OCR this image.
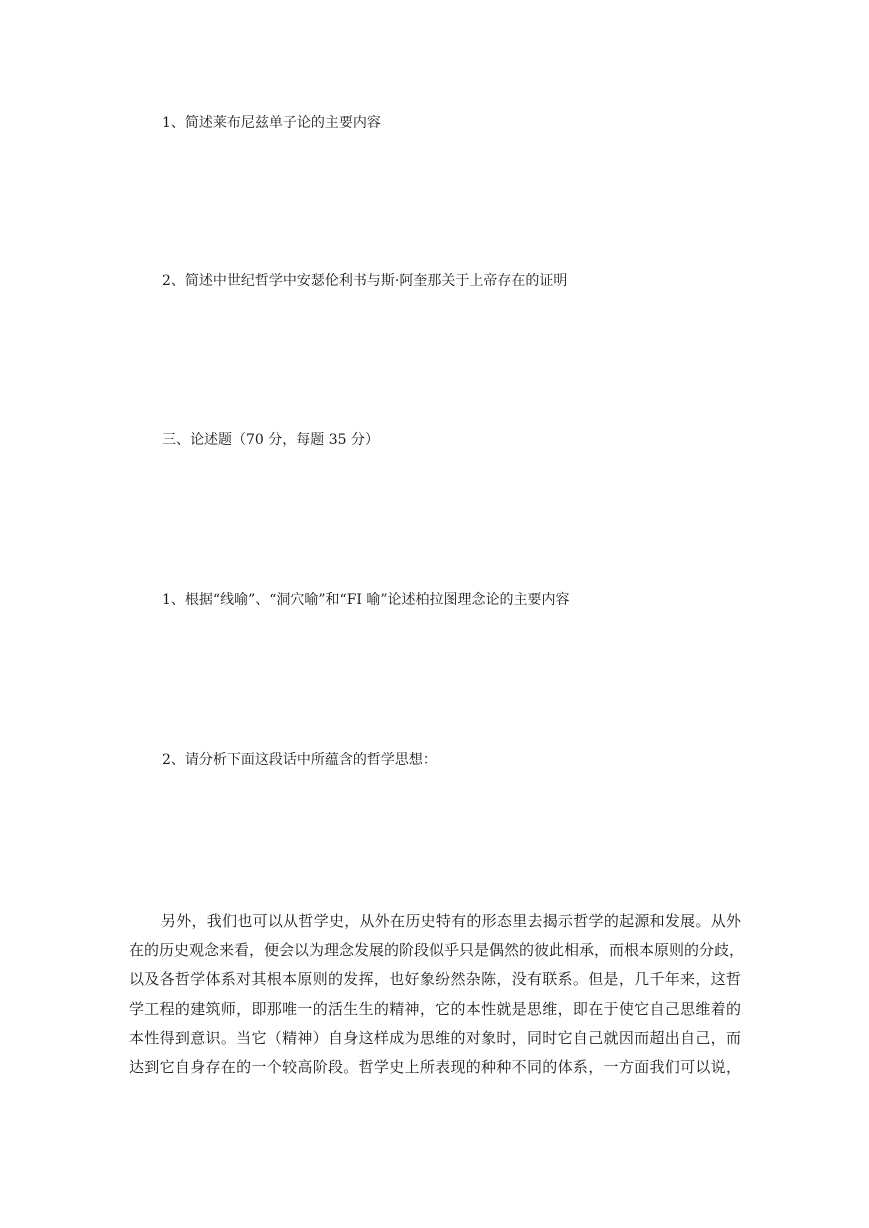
1、简述莱布尼兹单子论的主要内容
2、简述中世纪哲学中安瑟伦利书与斯·阿奎那关于上帝存在的证明
三、论述题（70 分，每题 35 分）
1、根据“线喻”、“洞穴喻”和“FI 喻”论述柏拉图理念论的主要内容
2、请分析下面这段话中所蕴含的哲学思想：
另外，我们也可以从哲学史，从外在历史特有的形态里去揭示哲学的起源和发展。从外
在的历史观念来看，便会以为理念发展的阶段似乎只是偶然的彼此相承，而根本原则的分歧，
以及各哲学体系对其根本原则的发挥，也好象纷然杂陈，没有联系。但是，几千年来，这哲
学工程的建筑师，即那唯一的活生生的精神，它的本性就是思维，即在于使它自己思维着的
本性得到意识。当它（精神）自身这样成为思维的对象时，同时它自己就因而超出自己，而
达到它自身存在的一个较高阶段。哲学史上所表现的种种不同的体系，一方面我们可以说，
